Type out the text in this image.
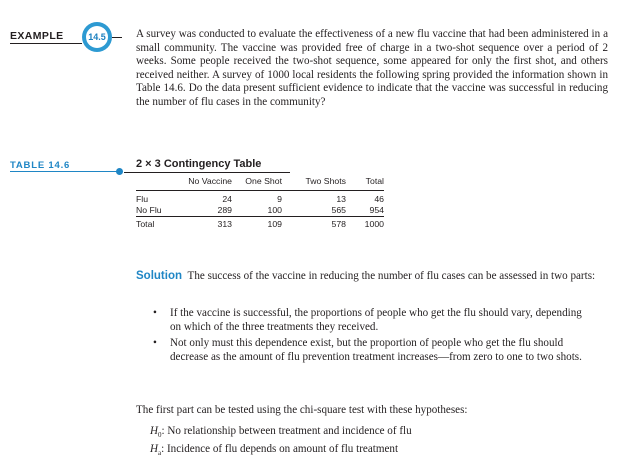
EXAMPLE	14.5	A survey was conducted to evaluate the effectiveness of a new flu vaccine that had been administered in a small community. The vaccine was provided free of charge in a two-shot sequence over a period of 2 weeks. Some people received the two-shot sequence, some appeared for only the first shot, and others received neither. A survey of 1000 local residents the following spring provided the information shown in Table 14.6. Do the data present sufficient evidence to indicate that the vaccine was successful in reducing the number of flu cases in the community?

TABLE 14.6	2 × 3 Contingency Table
	No Vaccine	One Shot	Two Shots	Total
Flu	24	9	13	46
No Flu	289	100	565	954
Total	313	109	578	1000

Solution The success of the vaccine in reducing the number of flu cases can be assessed in two parts:

• If the vaccine is successful, the proportions of people who get the flu should vary, depending on which of the three treatments they received.
• Not only must this dependence exist, but the proportion of people who get the flu should decrease as the amount of flu prevention treatment increases—from zero to one to two shots.

The first part can be tested using the chi-square test with these hypotheses:

$H_0$: No relationship between treatment and incidence of flu
$H_a$: Incidence of flu depends on amount of flu treatment
